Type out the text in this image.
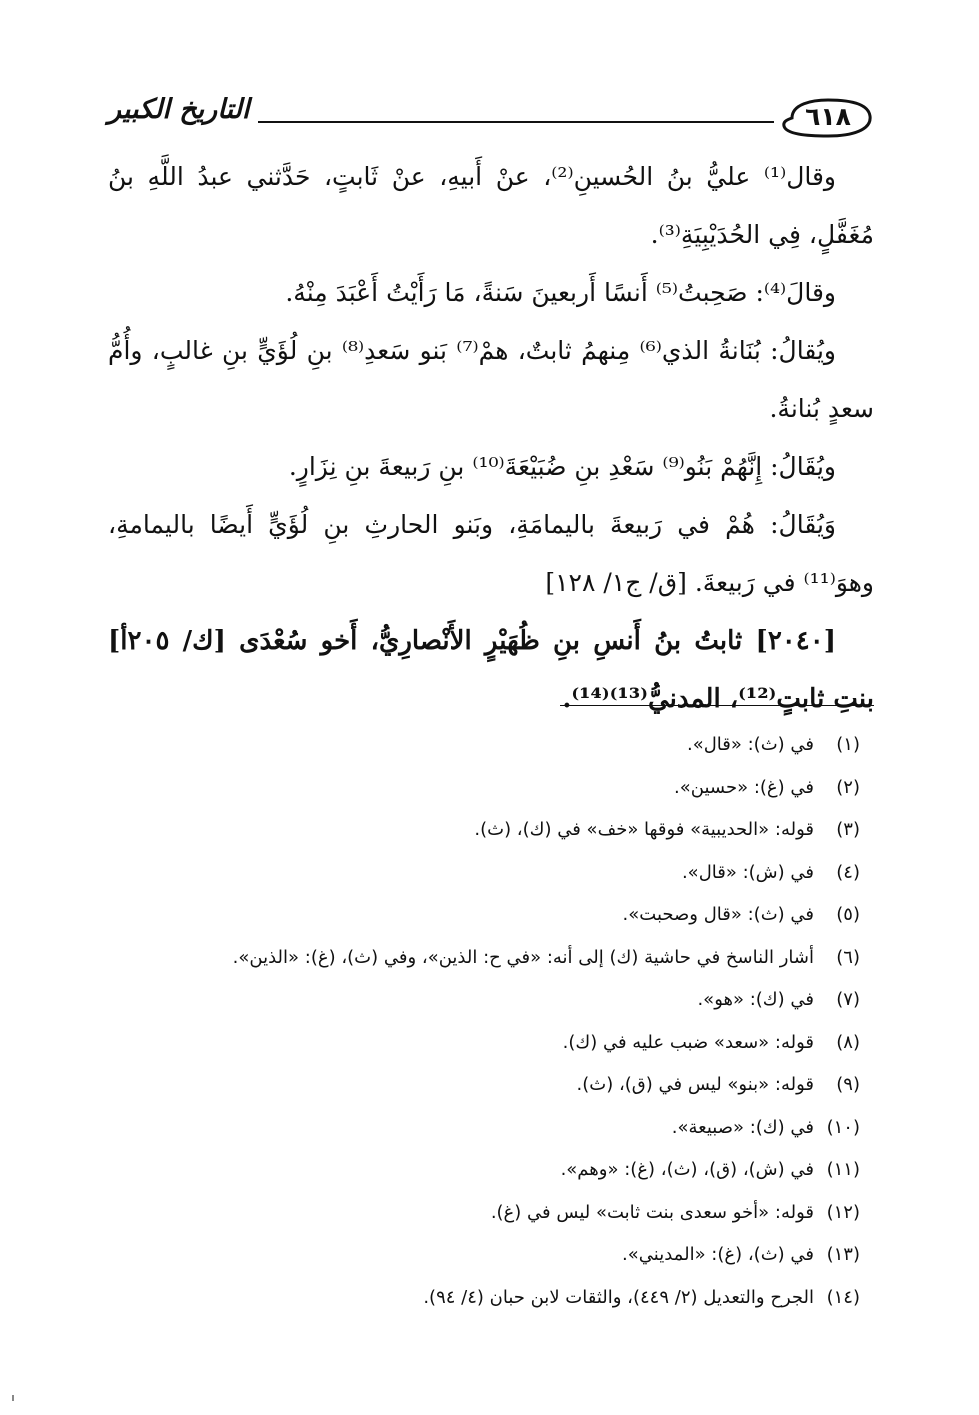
التاريخ الكبير	٦١٨

وقال⁽¹⁾ عليُّ بنُ الحُسينِ⁽²⁾، عنْ أَبيهِ، عنْ ثَابتٍ، حَدَّثني عبدُ اللَّهِ بنُ مُغَفَّلٍ، فِي الحُدَيْبِيَةِ⁽³⁾.

وقالَ⁽⁴⁾: صَحِبتُ⁽⁵⁾ أَنسًا أَربعينَ سَنةً، مَا رَأَيْتُ أَعْبَدَ مِنْهُ.

ويُقالُ: بُنَانةُ الذي⁽⁶⁾ مِنهمُ ثابتٌ، همْ⁽⁷⁾ بَنو سَعدِ⁽⁸⁾ بنِ لُؤَيٍّ بنِ غالبٍ، وأُمُّ سعدٍ بُنانةُ.

ويُقَالُ: إِنَّهُمْ بَنُو⁽⁹⁾ سَعْدِ بنِ ضُبَيْعَةَ⁽¹⁰⁾ بنِ رَبيعةَ بنِ نِزَارٍ.

وَيُقَالُ: هُمْ في رَبيعةَ باليمامَةِ، وبَنو الحارثِ بنِ لُؤَيٍّ أَيضًا باليمامةِ، وهوَ⁽¹¹⁾ في رَبيعةَ. [ق/ ج١/ ١٢٨]

[٢٠٤٠] ثابتُ بنُ أَنسِ بنِ ظُهَيْرٍ الأَنْصارِيُّ، أَخو سُعْدَى [ك/ ٢٠٥أ] بنتِ ثابتٍ⁽¹²⁾، المدنيُّ⁽¹³⁾⁽¹⁴⁾.

(١)في (ث): «قال».
(٢)في (غ): «حسين».
(٣)قوله: «الحديبية» فوقها «خف» في (ك)، (ث).
(٤)في (ش): «قال».
(٥)في (ث): «قال وصحبت».
(٦)أشار الناسخ في حاشية (ك) إلى أنه: «في ح: الذين»، وفي (ث)، (غ): «الذين».
(٧)في (ك): «هو».
(٨)قوله: «سعد» ضبب عليه في (ك).
(٩)قوله: «بنو» ليس في (ق)، (ث).
(١٠)في (ك): «صبيعة».
(١١)في (ش)، (ق)، (ث)، (غ): «وهم».
(١٢)قوله: «أخو سعدى بنت ثابت» ليس في (غ).
(١٣)في (ث)، (غ): «المديني».
(١٤)الجرح والتعديل (٢/ ٤٤٩)، والثقات لابن حبان (٤/ ٩٤).
